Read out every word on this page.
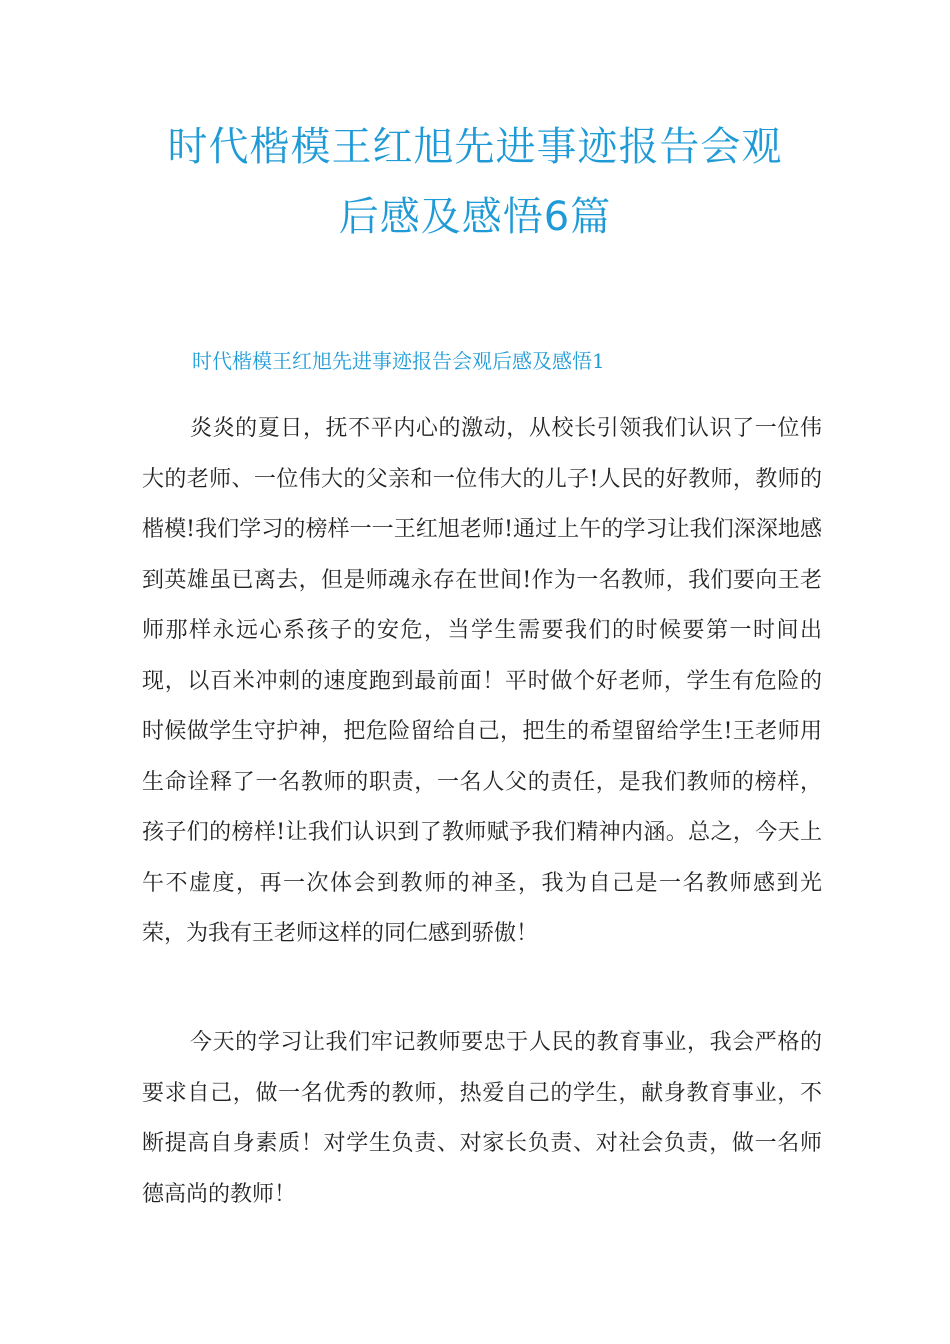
时代楷模王红旭先进事迹报告会观
后感及感悟6篇
时代楷模王红旭先进事迹报告会观后感及感悟1

炎炎的夏日，抚不平内心的激动，从校长引领我们认识了一位伟大的老师、一位伟大的父亲和一位伟大的儿子!人民的好教师，教师的楷模!我们学习的榜样一一王红旭老师!通过上午的学习让我们深深地感到英雄虽已离去，但是师魂永存在世间!作为一名教师，我们要向王老师那样永远心系孩子的安危，当学生需要我们的时候要第一时间出现，以百米冲刺的速度跑到最前面！平时做个好老师，学生有危险的时候做学生守护神，把危险留给自己，把生的希望留给学生!王老师用生命诠释了一名教师的职责，一名人父的责任，是我们教师的榜样，孩子们的榜样!让我们认识到了教师赋予我们精神内涵。总之，今天上午不虚度，再一次体会到教师的神圣，我为自己是一名教师感到光荣，为我有王老师这样的同仁感到骄傲！

今天的学习让我们牢记教师要忠于人民的教育事业，我会严格的要求自己，做一名优秀的教师，热爱自己的学生，献身教育事业，不断提高自身素质！对学生负责、对家长负责、对社会负责，做一名师德高尚的教师！
